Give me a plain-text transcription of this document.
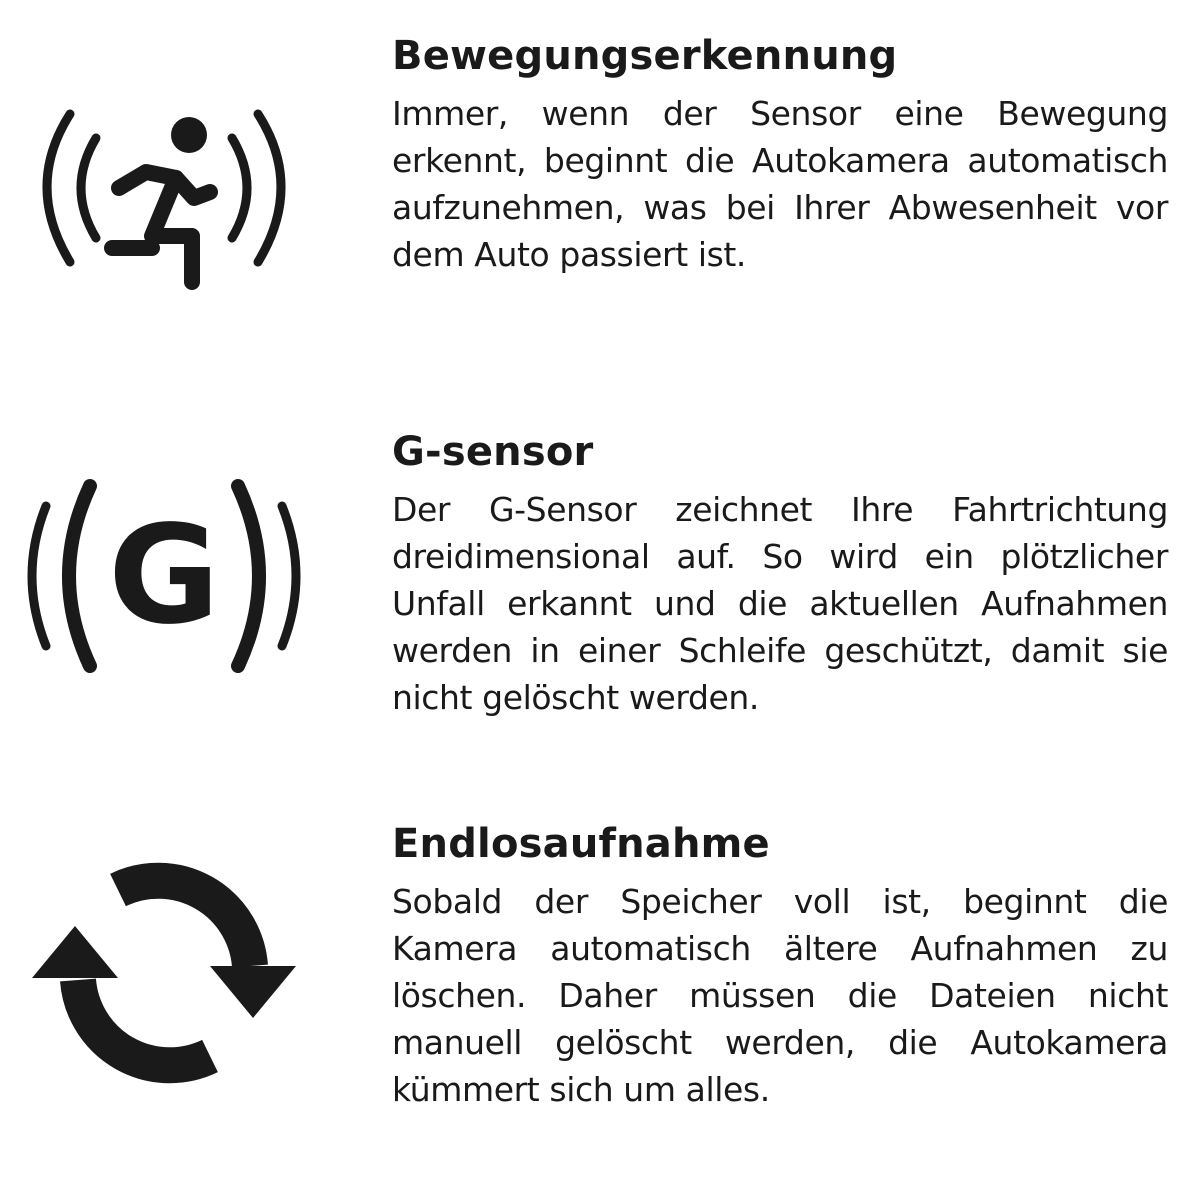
Bewegungserkennung

Immer, wenn der Sensor eine Bewegung erkennt, beginnt die Autokamera automatisch aufzunehmen, was bei Ihrer Abwesenheit vor dem Auto passiert ist.

G
G-sensor

Der G-Sensor zeichnet Ihre Fahrtrichtung dreidimensional auf. So wird ein plötzlicher Unfall erkannt und die aktuellen Aufnahmen werden in einer Schleife geschützt, damit sie nicht gelöscht werden.

Endlosaufnahme

Sobald der Speicher voll ist, beginnt die Kamera automatisch ältere Aufnahmen zu löschen. Daher müssen die Dateien nicht manuell gelöscht werden, die Autokamera kümmert sich um alles.
